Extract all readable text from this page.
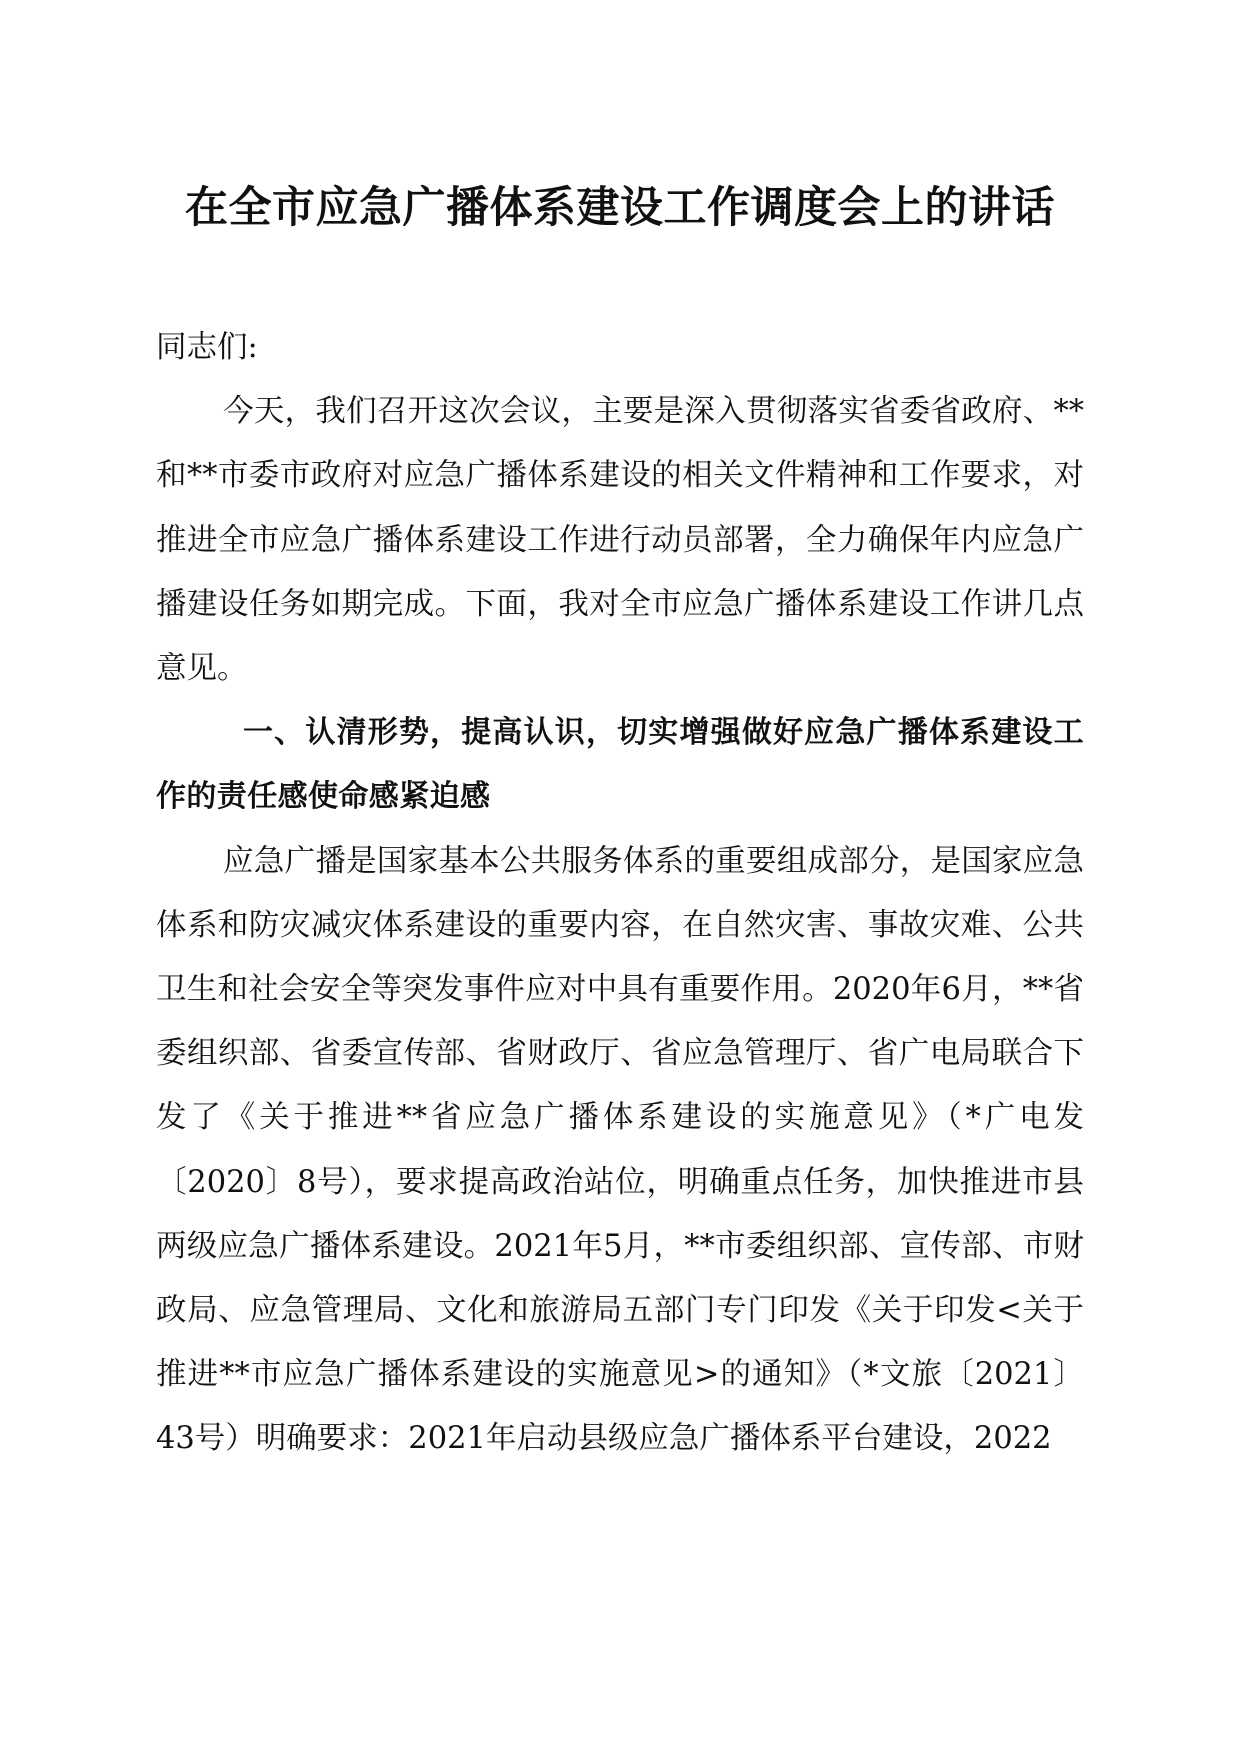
在全市应急广播体系建设工作调度会上的讲话

同志们:

今天，我们召开这次会议，主要是深入贯彻落实省委省政府、**和**市委市政府对应急广播体系建设的相关文件精神和工作要求，对推进全市应急广播体系建设工作进行动员部署，全力确保年内应急广播建设任务如期完成。下面，我对全市应急广播体系建设工作讲几点意见。

一、认清形势，提高认识，切实增强做好应急广播体系建设工作的责任感使命感紧迫感

应急广播是国家基本公共服务体系的重要组成部分，是国家应急体系和防灾减灾体系建设的重要内容，在自然灾害、事故灾难、公共卫生和社会安全等突发事件应对中具有重要作用。2020年6月，**省委组织部、省委宣传部、省财政厅、省应急管理厅、省广电局联合下发了《关于推进**省应急广播体系建设的实施意见》（*广电发〔2020〕8号），要求提高政治站位，明确重点任务，加快推进市县两级应急广播体系建设。2021年5月，**市委组织部、宣传部、市财政局、应急管理局、文化和旅游局五部门专门印发《关于印发<关于推进**市应急广播体系建设的实施意见>的通知》（*文旅〔2021〕43号）明确要求：2021年启动县级应急广播体系平台建设，2022
